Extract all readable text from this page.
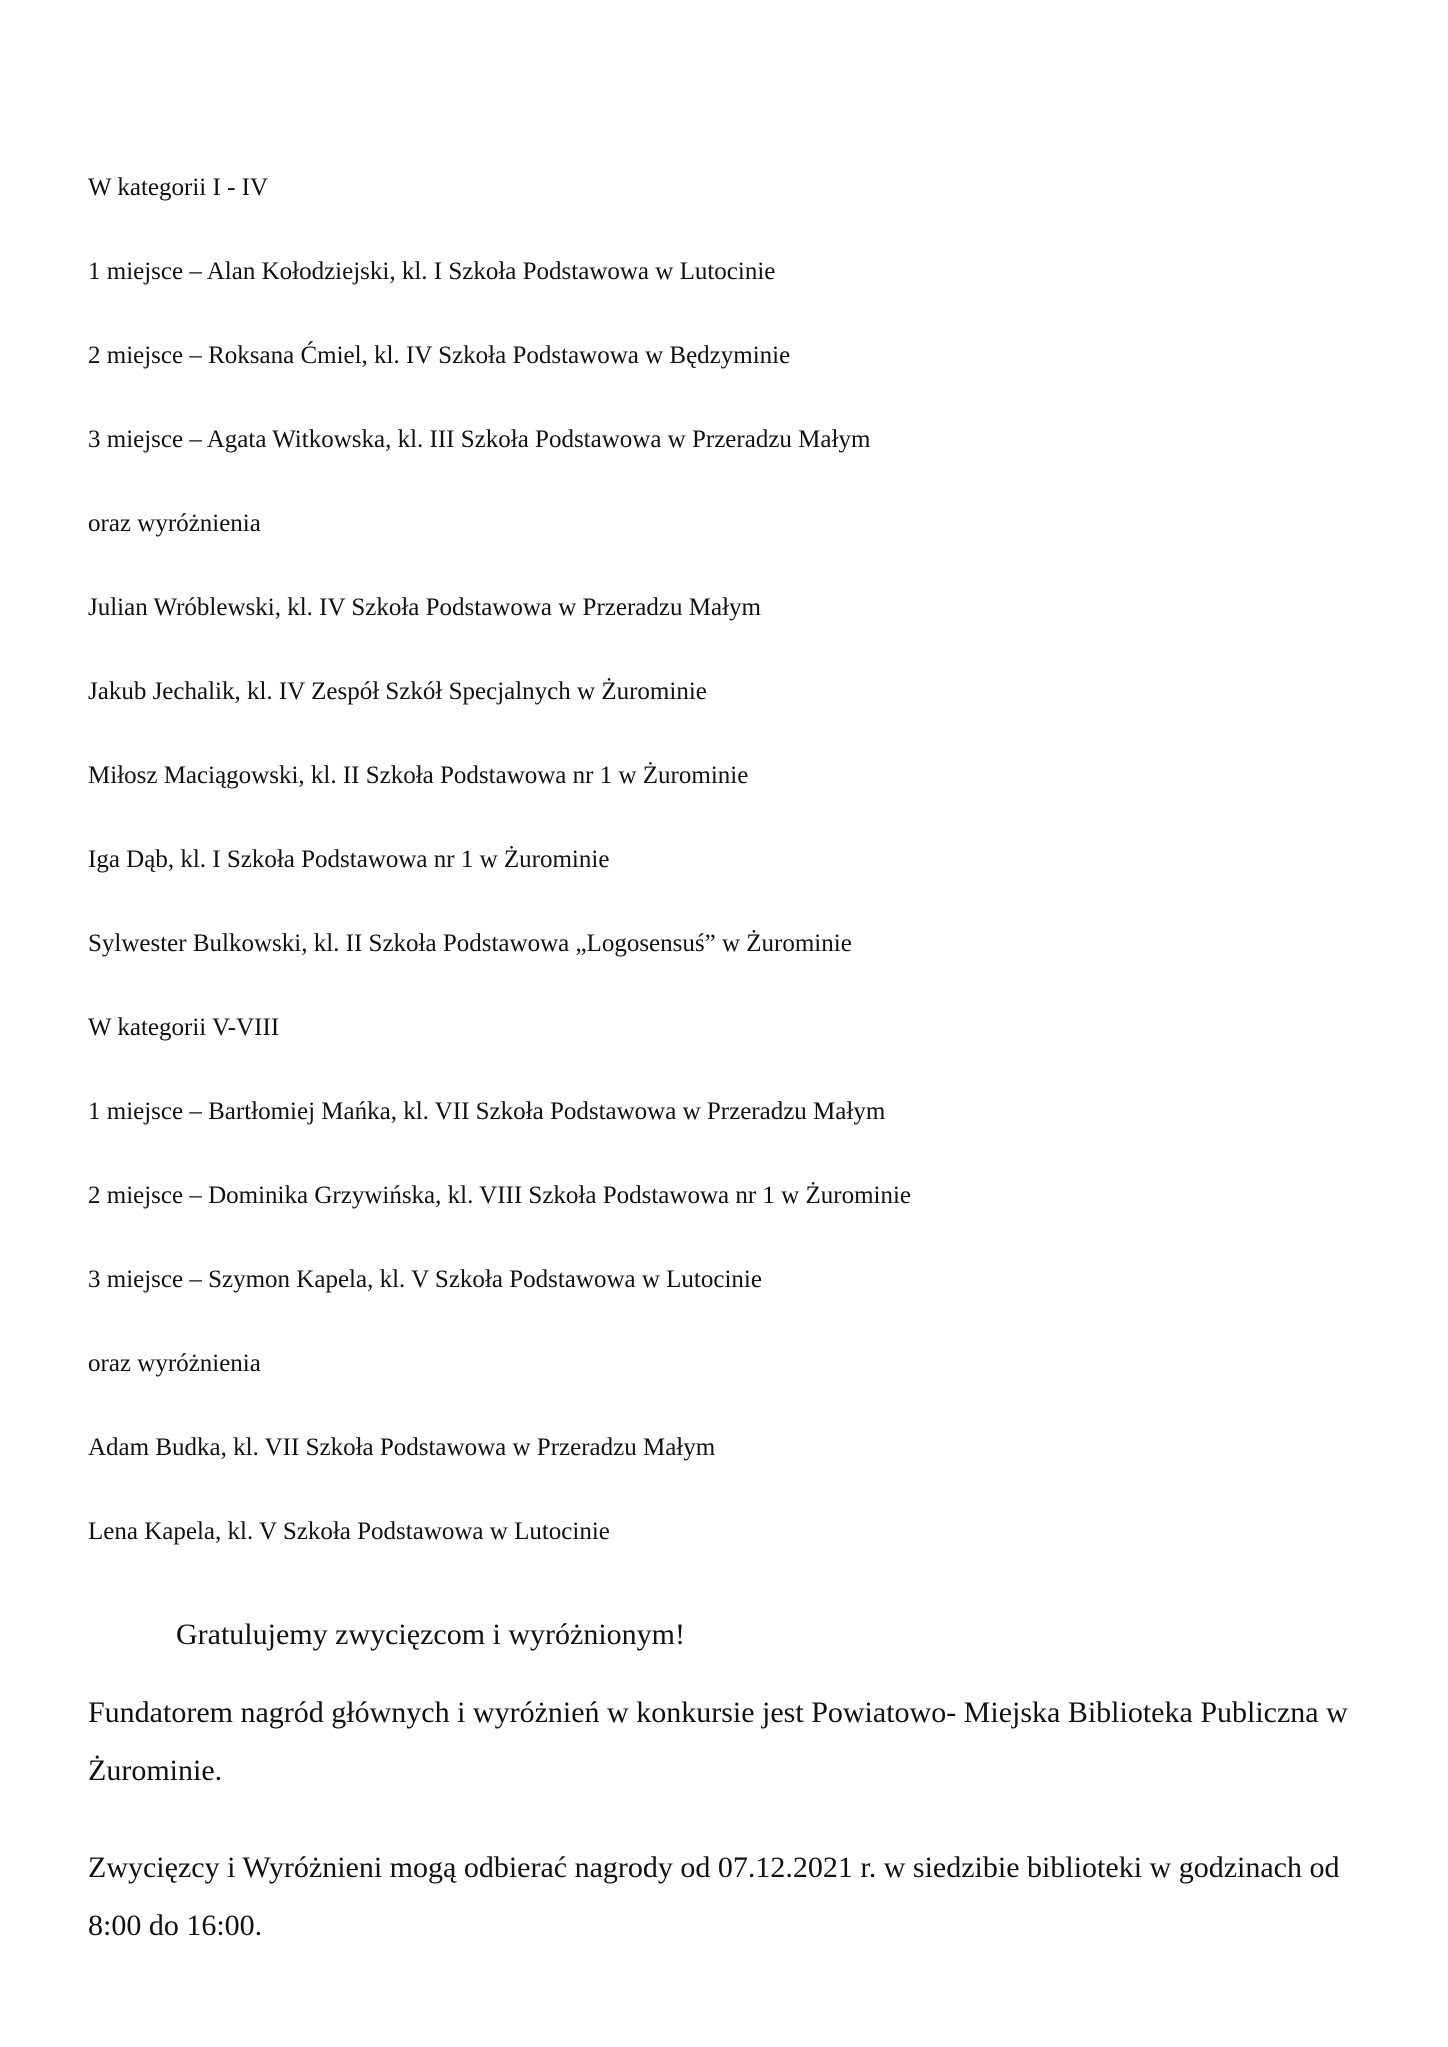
W kategorii I - IV
1 miejsce – Alan Kołodziejski, kl. I Szkoła Podstawowa w Lutocinie
2 miejsce – Roksana Ćmiel, kl. IV Szkoła Podstawowa w Będzyminie
3 miejsce – Agata Witkowska, kl. III Szkoła Podstawowa w Przeradzu Małym
oraz wyróżnienia
Julian Wróblewski, kl. IV Szkoła Podstawowa w Przeradzu Małym
Jakub Jechalik, kl. IV Zespół Szkół Specjalnych w Żurominie
Miłosz Maciągowski, kl. II Szkoła Podstawowa nr 1 w Żurominie
Iga Dąb, kl. I Szkoła Podstawowa nr 1 w Żurominie
Sylwester Bulkowski, kl. II Szkoła Podstawowa „Logosensuś” w Żurominie
W kategorii V-VIII
1 miejsce – Bartłomiej Mańka, kl. VII Szkoła Podstawowa w Przeradzu Małym
2 miejsce – Dominika Grzywińska, kl. VIII Szkoła Podstawowa nr 1 w Żurominie
3 miejsce – Szymon Kapela, kl. V Szkoła Podstawowa w Lutocinie
oraz wyróżnienia
Adam Budka, kl. VII Szkoła Podstawowa w Przeradzu Małym
Lena Kapela, kl. V Szkoła Podstawowa w Lutocinie
Gratulujemy zwycięzcom i wyróżnionym!
Fundatorem nagród głównych i wyróżnień w konkursie jest Powiatowo- Miejska Biblioteka Publiczna w Żurominie.
Zwycięzcy i Wyróżnieni mogą odbierać nagrody od 07.12.2021 r. w siedzibie biblioteki w godzinach od 8:00 do 16:00.
